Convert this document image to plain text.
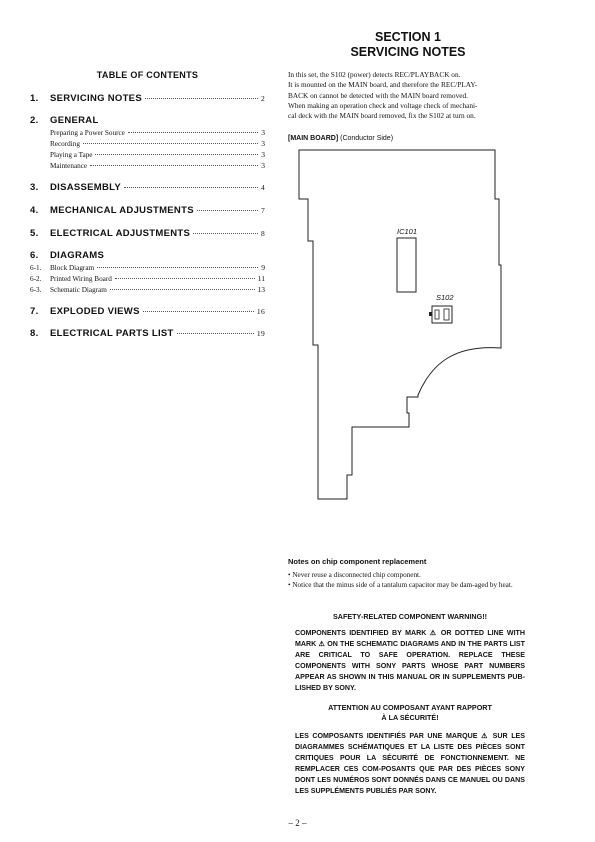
SECTION 1
SERVICING NOTES
TABLE OF CONTENTS
1.	SERVICING NOTES	2
2.	GENERAL
Preparing a Power Source	3
Recording	3
Playing a Tape	3
Maintenance	3
3.	DISASSEMBLY	4
4.	MECHANICAL ADJUSTMENTS	7
5.	ELECTRICAL ADJUSTMENTS	8
6.	DIAGRAMS
6-1.	Block Diagram	9
6-2.	Printed Wiring Board	11
6-3.	Schematic Diagram	13
7.	EXPLODED VIEWS	16
8.	ELECTRICAL PARTS LIST	19
In this set, the S102 (power) detects REC/PLAYBACK on.
It is mounted on the MAIN board, and therefore the REC/PLAY-
BACK on cannot be detected with the MAIN board removed.
When making an operation check and voltage check of mechani-
cal deck with the MAIN board removed, fix the S102 at turn on.
[MAIN BOARD] (Conductor Side)
IC101
S102
Notes on chip component replacement
• Never reuse a disconnected chip component.
• Notice that the minus side of a tantalum capacitor may be dam-aged by heat.
SAFETY-RELATED COMPONENT WARNING!!
COMPONENTS IDENTIFIED BY MARK ⚠ OR DOTTED LINE WITH MARK ⚠ ON THE SCHEMATIC DIAGRAMS AND IN THE PARTS LIST ARE CRITICAL TO SAFE OPERATION. REPLACE THESE COMPONENTS WITH SONY PARTS WHOSE PART NUMBERS APPEAR AS SHOWN IN THIS MANUAL OR IN SUPPLEMENTS PUB-LISHED BY SONY.
ATTENTION AU COMPOSANT AYANT RAPPORT
À LA SÉCURITÉ!
LES COMPOSANTS IDENTIFIÉS PAR UNE MARQUE ⚠ SUR LES DIAGRAMMES SCHÉMATIQUES ET LA LISTE DES PIÈCES SONT CRITIQUES POUR LA SÉCURITÉ DE FONCTIONNEMENT. NE REMPLACER CES COM-POSANTS QUE PAR DES PIÈCES SONY DONT LES NUMÉROS SONT DONNÉS DANS CE MANUEL OU DANS LES SUPPLÉMENTS PUBLIÉS PAR SONY.
– 2 –
